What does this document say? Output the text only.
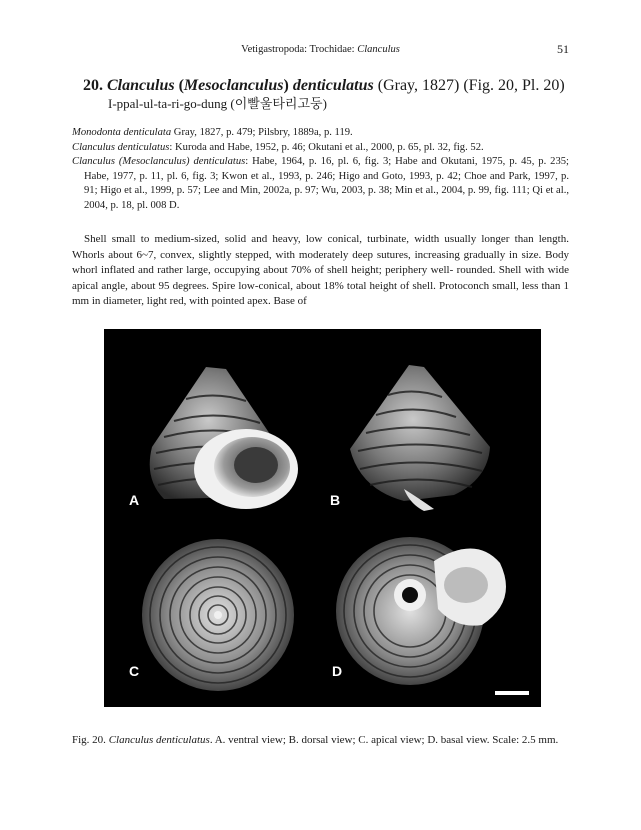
Vetigastropoda: Trochidae: Clanculus	51
20. Clanculus (Mesoclanculus) denticulatus (Gray, 1827) (Fig. 20, Pl. 20)
I-ppal-ul-ta-ri-go-dung (이빨울타리고둥)

Monodonta denticulata Gray, 1827, p. 479; Pilsbry, 1889a, p. 119.

Clanculus denticulatus: Kuroda and Habe, 1952, p. 46; Okutani et al., 2000, p. 65, pl. 32, fig. 52.

Clanculus (Mesoclanculus) denticulatus: Habe, 1964, p. 16, pl. 6, fig. 3; Habe and Okutani, 1975, p. 45, p. 235; Habe, 1977, p. 11, pl. 6, fig. 3; Kwon et al., 1993, p. 246; Higo and Goto, 1993, p. 42; Choe and Park, 1997, p. 91; Higo et al., 1999, p. 57; Lee and Min, 2002a, p. 97; Wu, 2003, p. 38; Min et al., 2004, p. 99, fig. 111; Qi et al., 2004, p. 18, pl. 008 D.

Shell small to medium-sized, solid and heavy, low conical, turbinate, width usually longer than length. Whorls about 6~7, convex, slightly stepped, with moderately deep sutures, increasing gradually in size. Body whorl inflated and rather large, occupying about 70% of shell height; periphery well- rounded. Shell with wide apical angle, about 95 degrees. Spire low-conical, about 18% total height of shell. Protoconch small, less than 1 mm in diameter, light red, with pointed apex. Base of

A	B
C	D

Fig. 20. Clanculus denticulatus. A. ventral view; B. dorsal view; C. apical view; D. basal view. Scale: 2.5 mm.
